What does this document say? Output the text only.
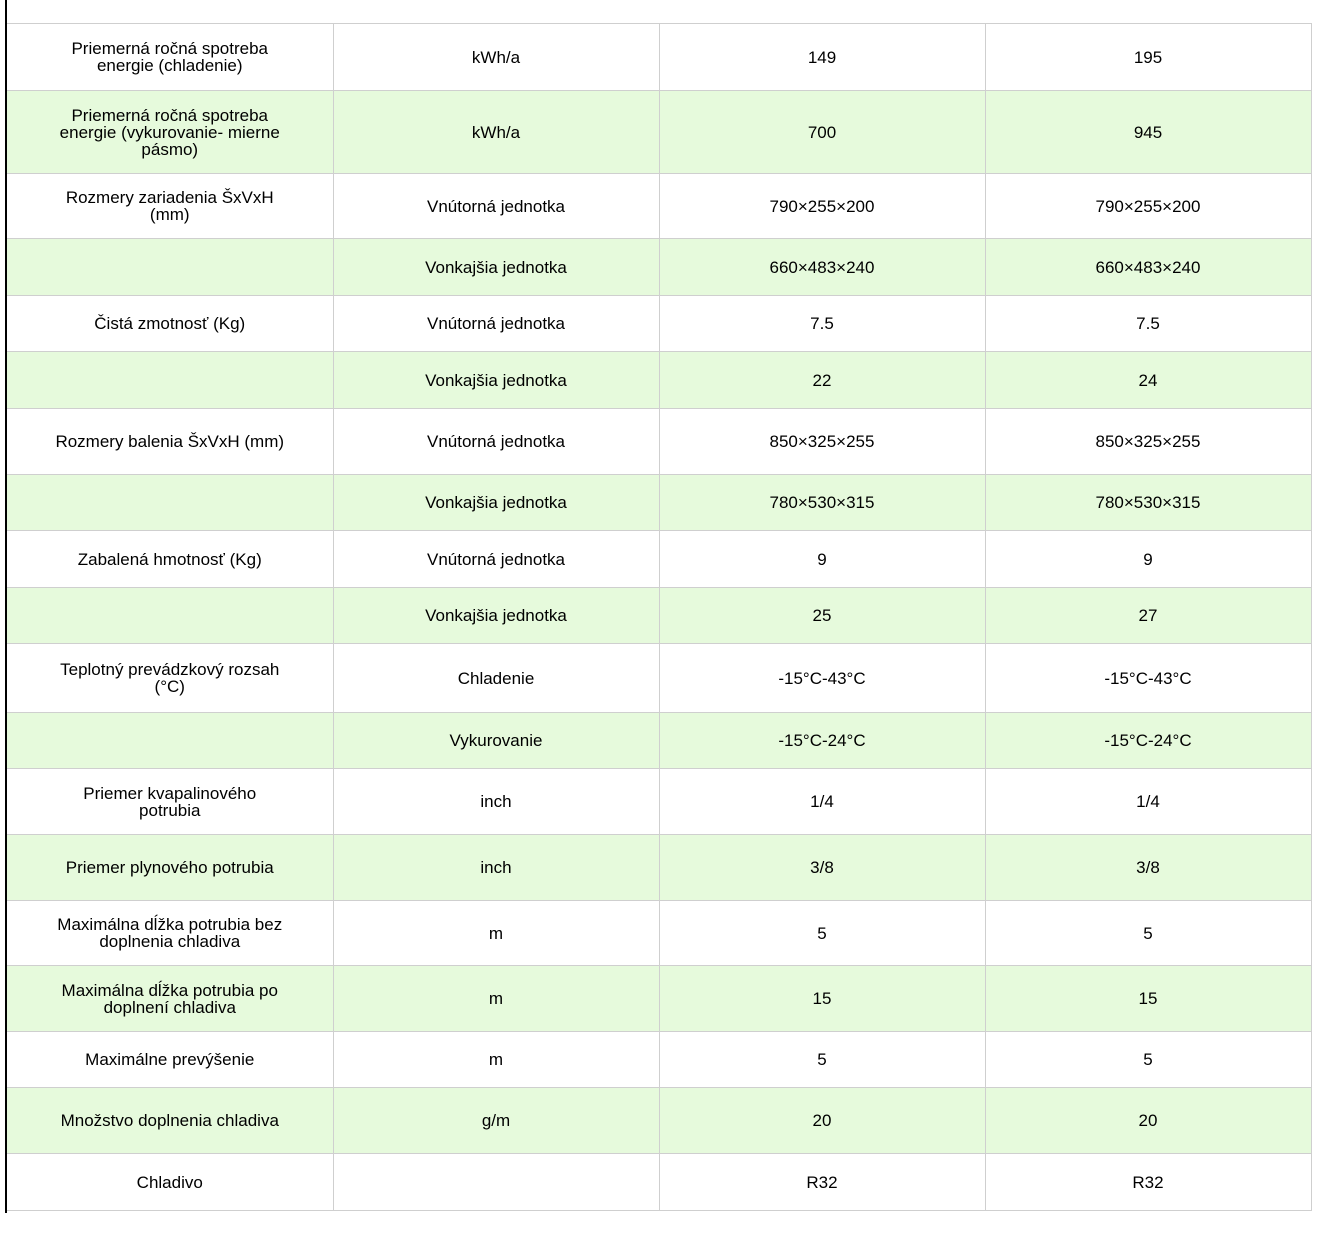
Priemerná ročná spotreba energie (chladenie)	kWh/a	149	195
Priemerná ročná spotreba energie (vykurovanie- mierne pásmo)	kWh/a	700	945
Rozmery zariadenia ŠxVxH (mm)	Vnútorná jednotka	790×255×200	790×255×200
	Vonkajšia jednotka	660×483×240	660×483×240
Čistá zmotnosť (Kg)	Vnútorná jednotka	7.5	7.5
	Vonkajšia jednotka	22	24
Rozmery balenia ŠxVxH (mm)	Vnútorná jednotka	850×325×255	850×325×255
	Vonkajšia jednotka	780×530×315	780×530×315
Zabalená hmotnosť (Kg)	Vnútorná jednotka	9	9
	Vonkajšia jednotka	25	27
Teplotný prevádzkový rozsah (°C)	Chladenie	-15°C-43°C	-15°C-43°C
	Vykurovanie	-15°C-24°C	-15°C-24°C
Priemer kvapalinového potrubia	inch	1/4	1/4
Priemer plynového potrubia	inch	3/8	3/8
Maximálna dĺžka potrubia bez doplnenia chladiva	m	5	5
Maximálna dĺžka potrubia po doplnení chladiva	m	15	15
Maximálne prevýšenie	m	5	5
Množstvo doplnenia chladiva	g/m	20	20
Chladivo		R32	R32
